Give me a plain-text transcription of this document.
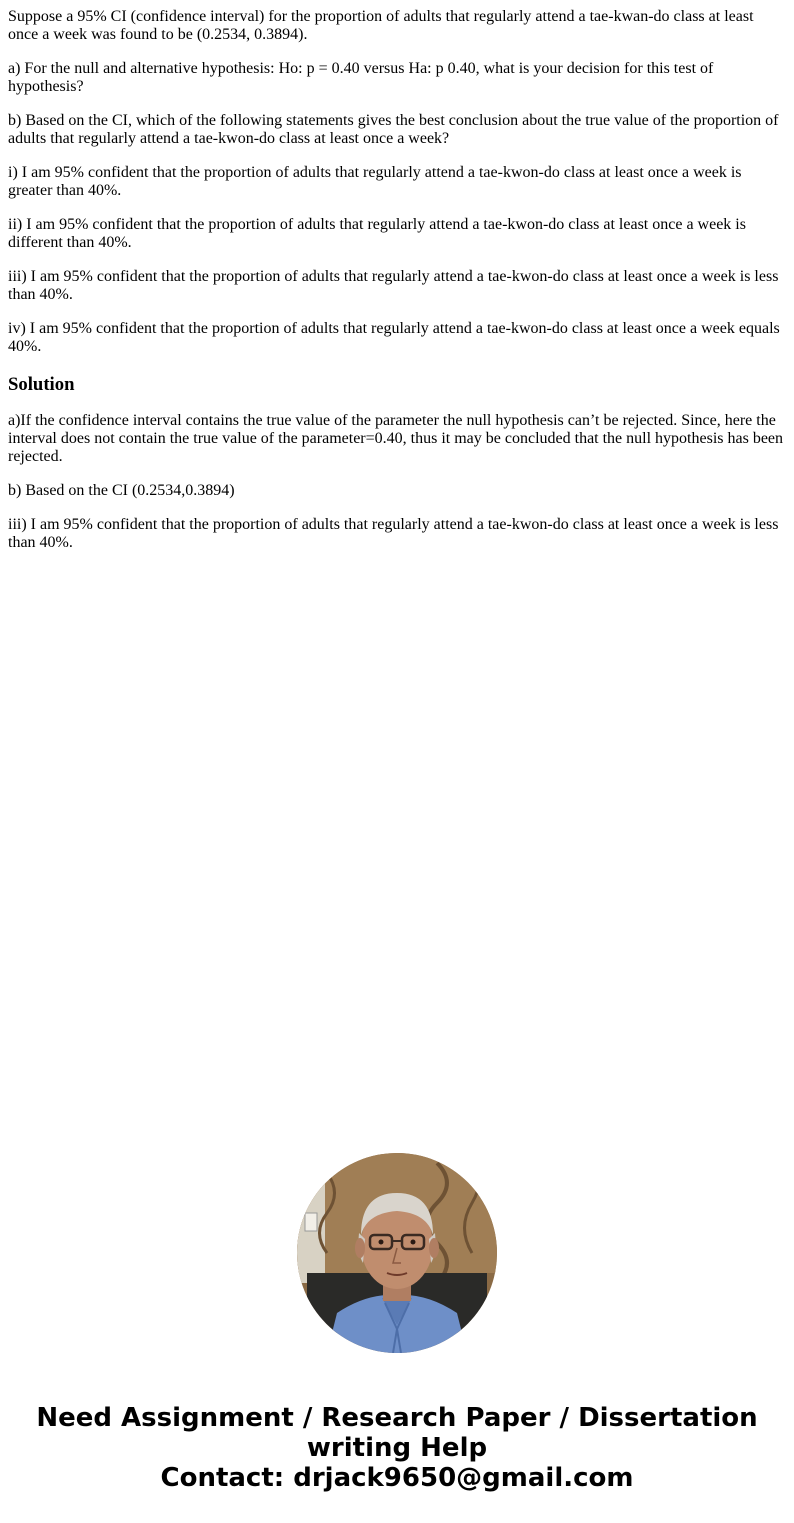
Suppose a 95% CI (confidence interval) for the proportion of adults that regularly attend a tae-kwan-do class at least once a week was found to be (0.2534, 0.3894).

a) For the null and alternative hypothesis: Ho: p = 0.40 versus Ha: p 0.40, what is your decision for this test of hypothesis?

b) Based on the CI, which of the following statements gives the best conclusion about the true value of the proportion of adults that regularly attend a tae-kwon-do class at least once a week?

i) I am 95% confident that the proportion of adults that regularly attend a tae-kwon-do class at least once a week is greater than 40%.

ii) I am 95% confident that the proportion of adults that regularly attend a tae-kwon-do class at least once a week is different than 40%.

iii) I am 95% confident that the proportion of adults that regularly attend a tae-kwon-do class at least once a week is less than 40%.

iv) I am 95% confident that the proportion of adults that regularly attend a tae-kwon-do class at least once a week equals 40%.

Solution

a)If the confidence interval contains the true value of the parameter the null hypothesis can’t be rejected. Since, here the interval does not contain the true value of the parameter=0.40, thus it may be concluded that the null hypothesis has been rejected.

b) Based on the CI (0.2534,0.3894)

iii) I am 95% confident that the proportion of adults that regularly attend a tae-kwon-do class at least once a week is less than 40%.

Need Assignment / Research Paper / Dissertation
writing Help
Contact: drjack9650@gmail.com
